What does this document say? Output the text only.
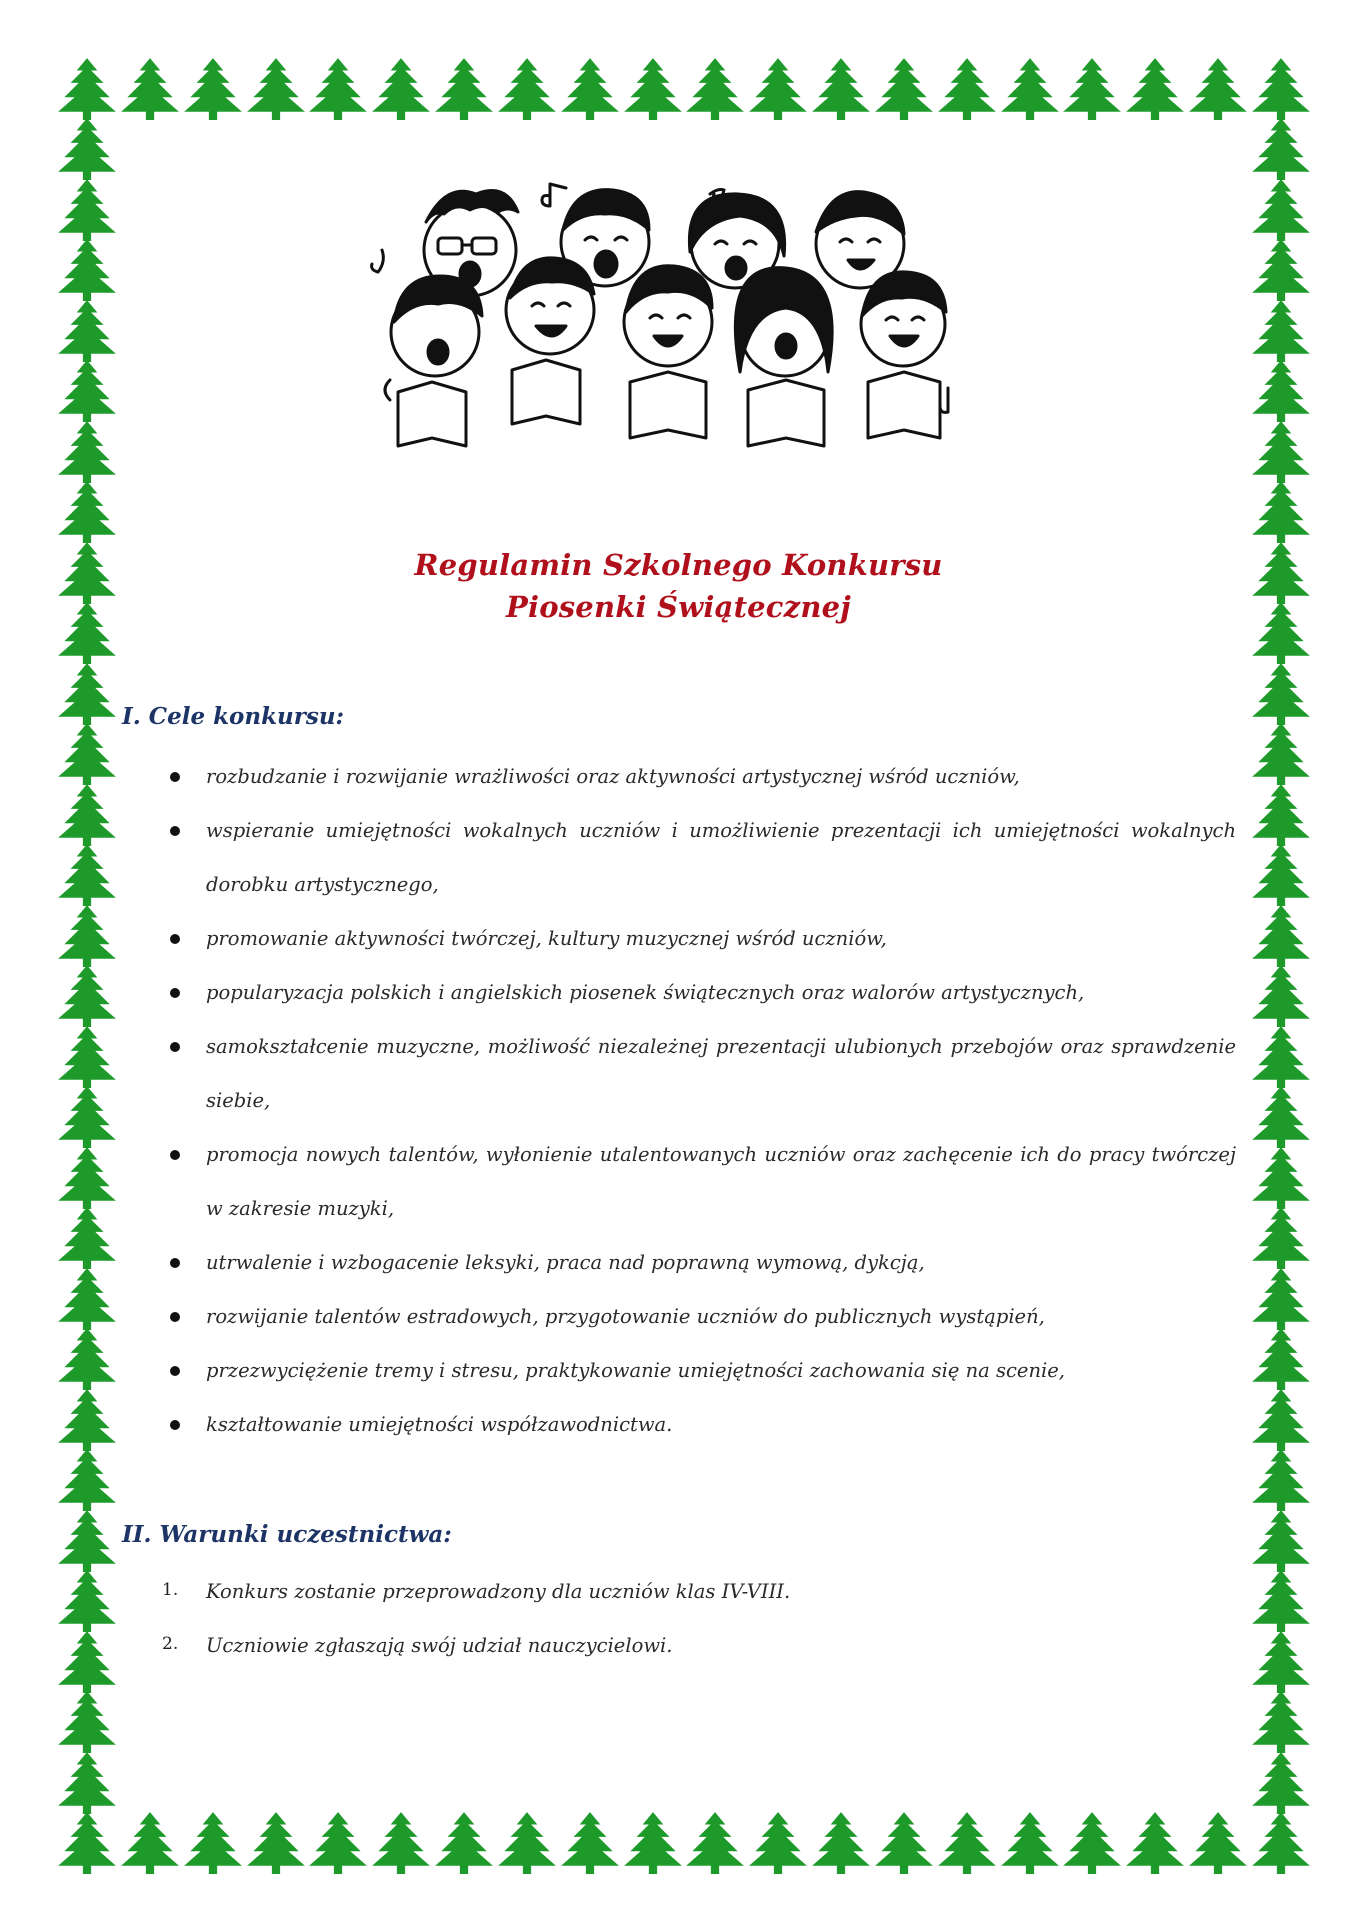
Regulamin Szkolnego Konkursu
Piosenki Świątecznej
I. Cele konkursu:
rozbudzanie i rozwijanie wrażliwości oraz aktywności artystycznej wśród uczniów,
wspieranie umiejętności wokalnych uczniów i umożliwienie prezentacji ich umiejętności wokalnych
dorobku artystycznego,
promowanie aktywności twórczej, kultury muzycznej wśród uczniów,
popularyzacja polskich i angielskich piosenek świątecznych oraz walorów artystycznych,
samokształcenie muzyczne, możliwość niezależnej prezentacji ulubionych przebojów oraz sprawdzenie
siebie,
promocja nowych talentów, wyłonienie utalentowanych uczniów oraz zachęcenie ich do pracy twórczej
w zakresie muzyki,
utrwalenie i wzbogacenie leksyki, praca nad poprawną wymową, dykcją,
rozwijanie talentów estradowych, przygotowanie uczniów do publicznych wystąpień,
przezwyciężenie tremy i stresu, praktykowanie umiejętności zachowania się na scenie,
kształtowanie umiejętności współzawodnictwa.
II. Warunki uczestnictwa:
1. Konkurs zostanie przeprowadzony dla uczniów klas IV-VIII.
2. Uczniowie zgłaszają swój udział nauczycielowi.
